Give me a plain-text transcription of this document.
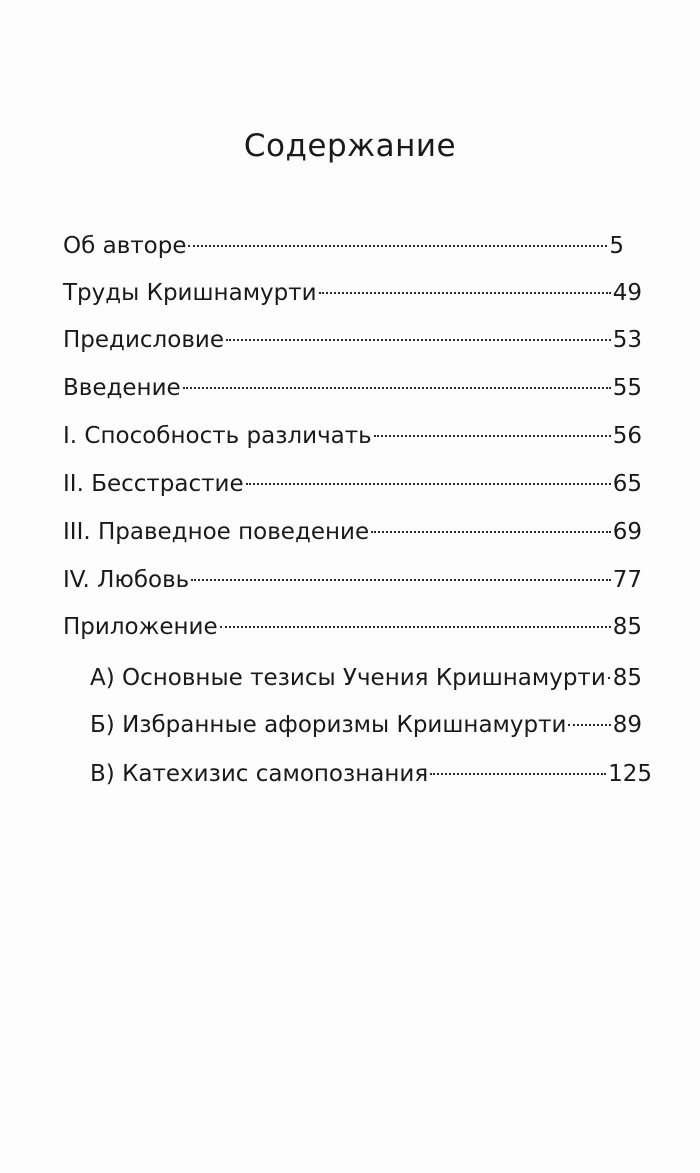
Содержание
Об авторе	5
Труды Кришнамурти	49
Предисловие	53
Введение	55
I. Способность различать	56
II. Бесстрастие	65
III. Праведное поведение	69
IV. Любовь	77
Приложение	85
А) Основные тезисы Учения Кришнамурти 85
Б) Избранные афоризмы Кришнамурти 89
В) Катехизис самопознания	125
